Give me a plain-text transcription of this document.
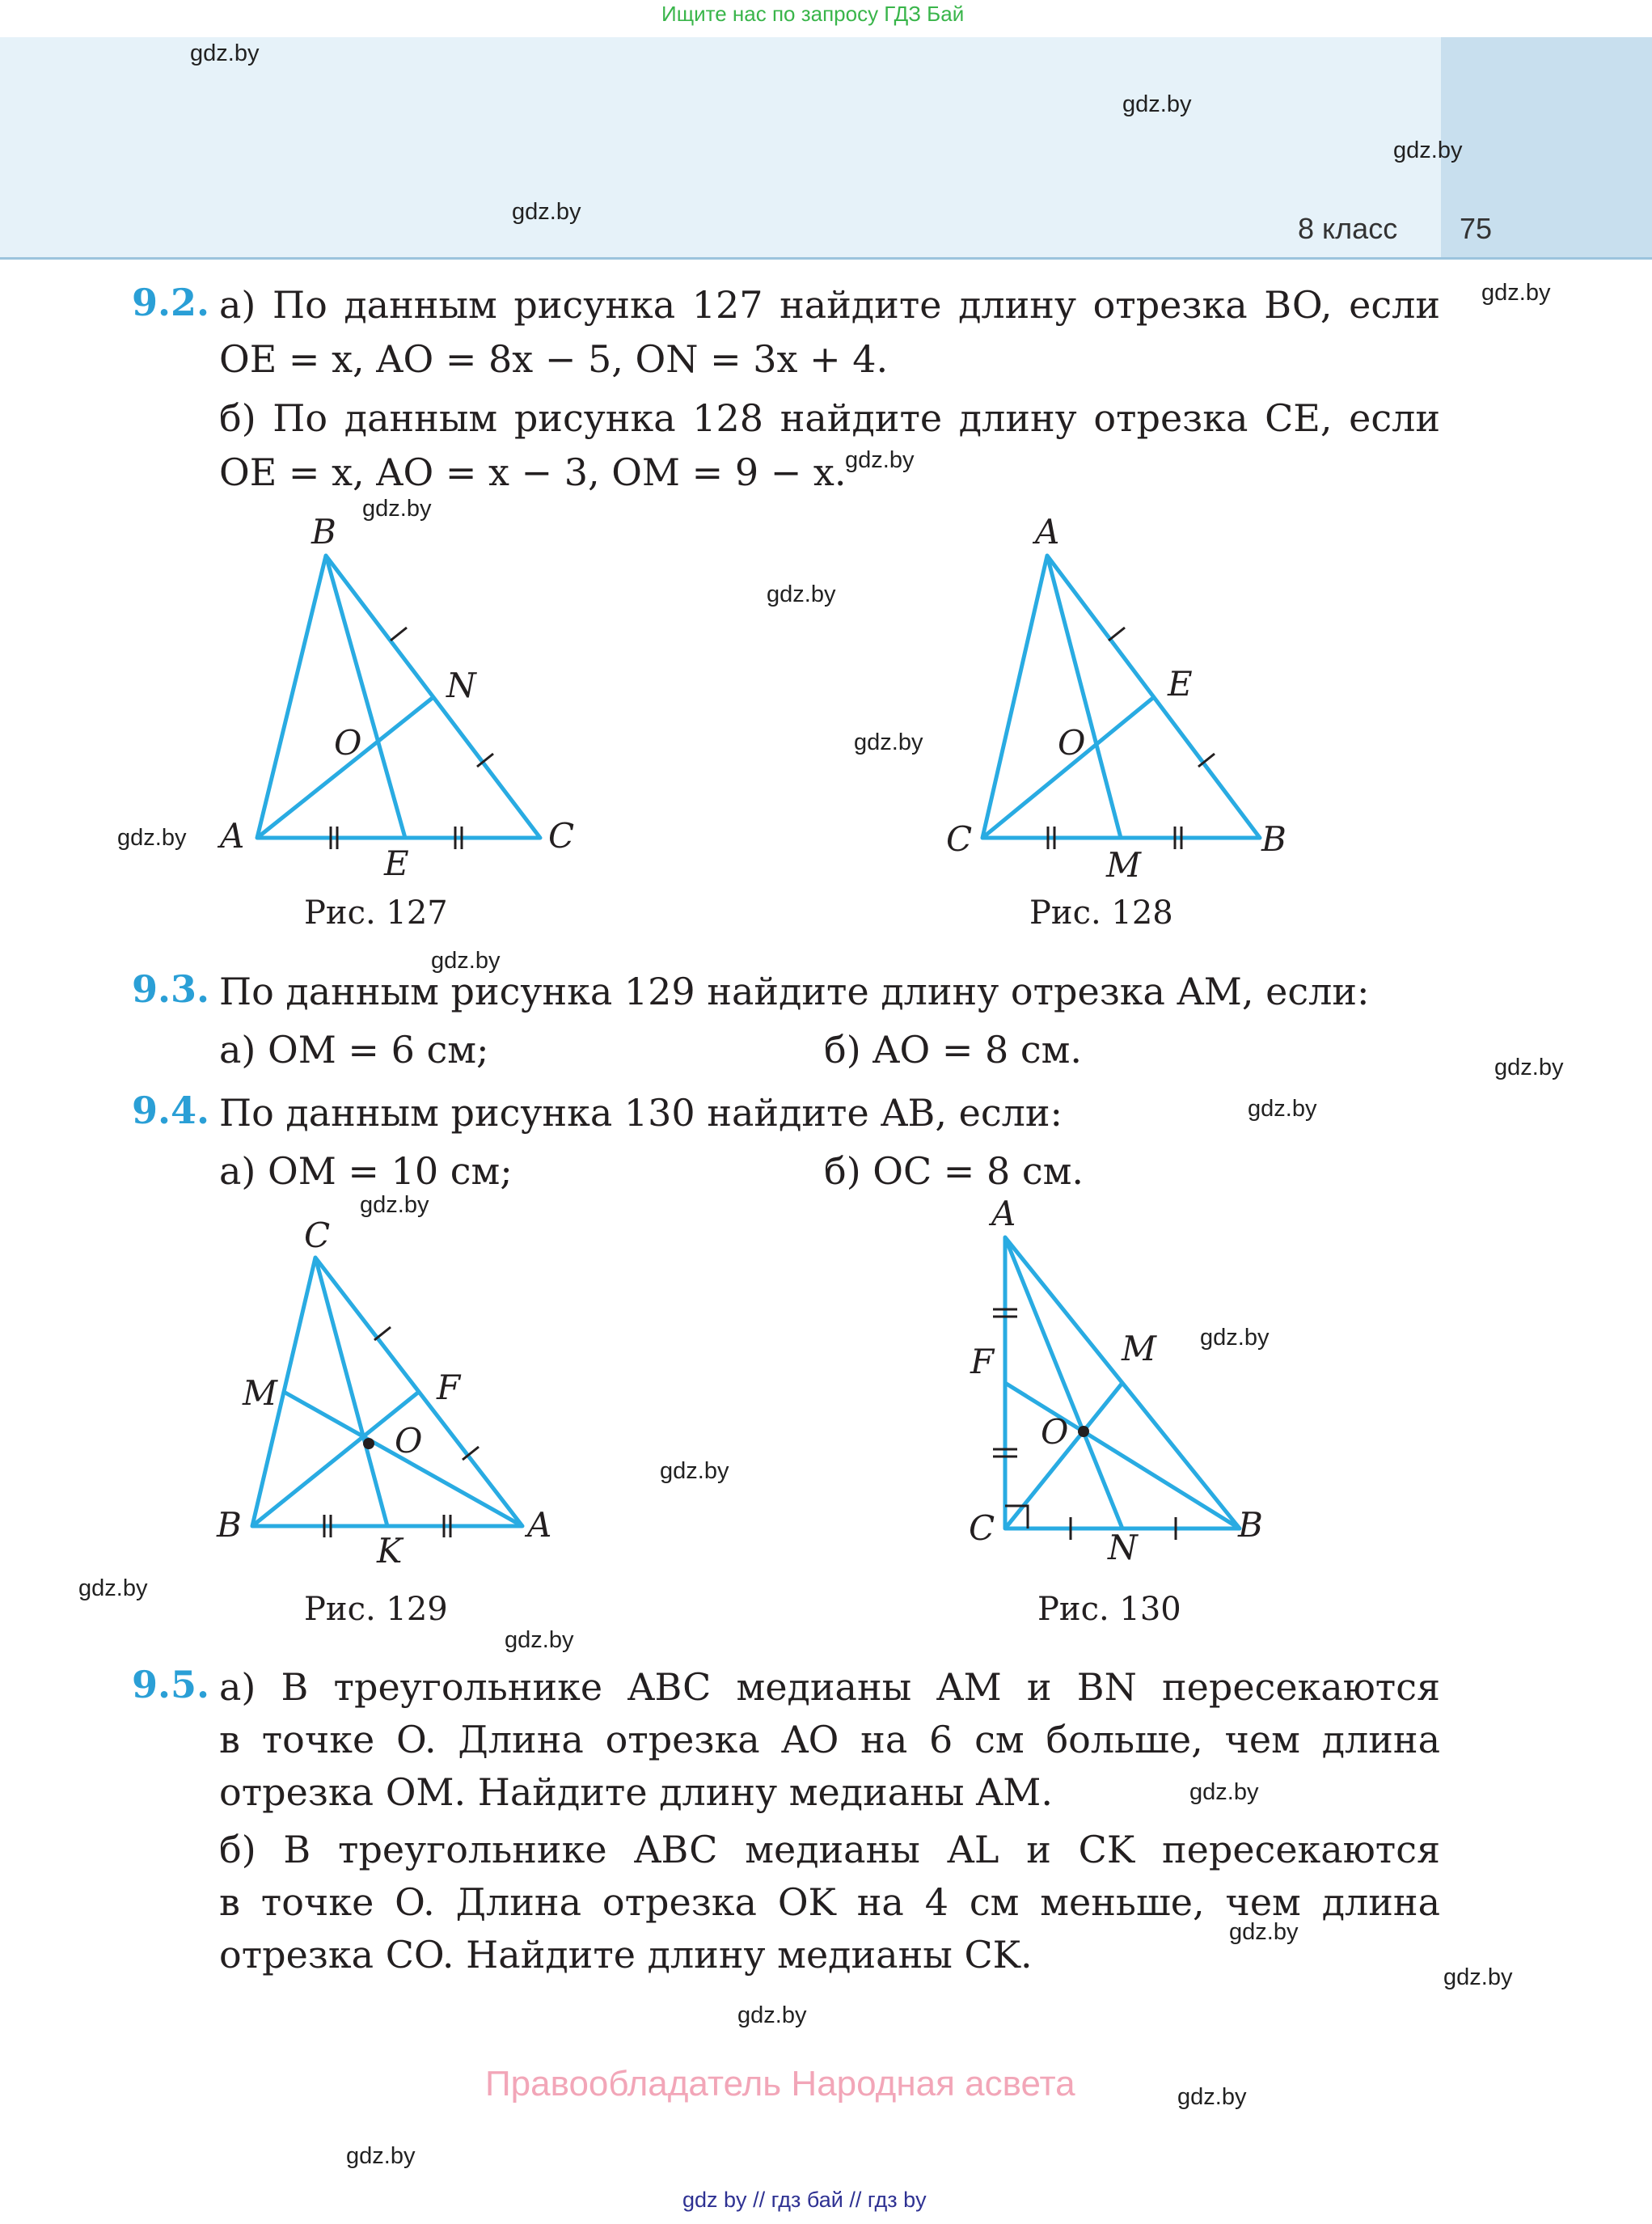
Ищите нас по запросу ГДЗ Бай
8 класс 75
gdz.by
gdz.by
gdz.by
gdz.by
gdz.by
gdz.by
gdz.by
gdz.by
gdz.by
gdz.by
gdz.by
gdz.by
gdz.by
gdz.by
gdz.by
gdz.by
gdz.by
gdz.by
gdz.by
gdz.by
gdz.by
gdz.by
gdz.by
gdz.by
9.2. а) По данным рисунка 127 найдите длину отрезка BO, если
OE = x, AO = 8x − 5, ON = 3x + 4.
б) По данным рисунка 128 найдите длину отрезка CE, если
OE = x, AO = x − 3, OM = 9 − x.
B
A	C
N
O
E
Рис. 127
A
C	B
E
O
M
Рис. 128
9.3. По данным рисунка 129 найдите длину отрезка AM, если:
а) OM = 6 см;	б) AO = 8 см.
9.4. По данным рисунка 130 найдите AB, если:
а) OM = 10 см;	б) OC = 8 см.
C
M	F
O
B
K
A
Рис. 129
A
F	M
O
C	N
B
Рис. 130
9.5. а) В треугольнике ABC медианы AM и BN пересекаются
в точке O. Длина отрезка AO на 6 см больше, чем длина
отрезка OM. Найдите длину медианы AM.
б) В треугольнике ABC медианы AL и CK пересекаются
в точке O. Длина отрезка OK на 4 см меньше, чем длина
отрезка CO. Найдите длину медианы CK.
Правообладатель Народная асвета
gdz by // гдз бай // гдз by
